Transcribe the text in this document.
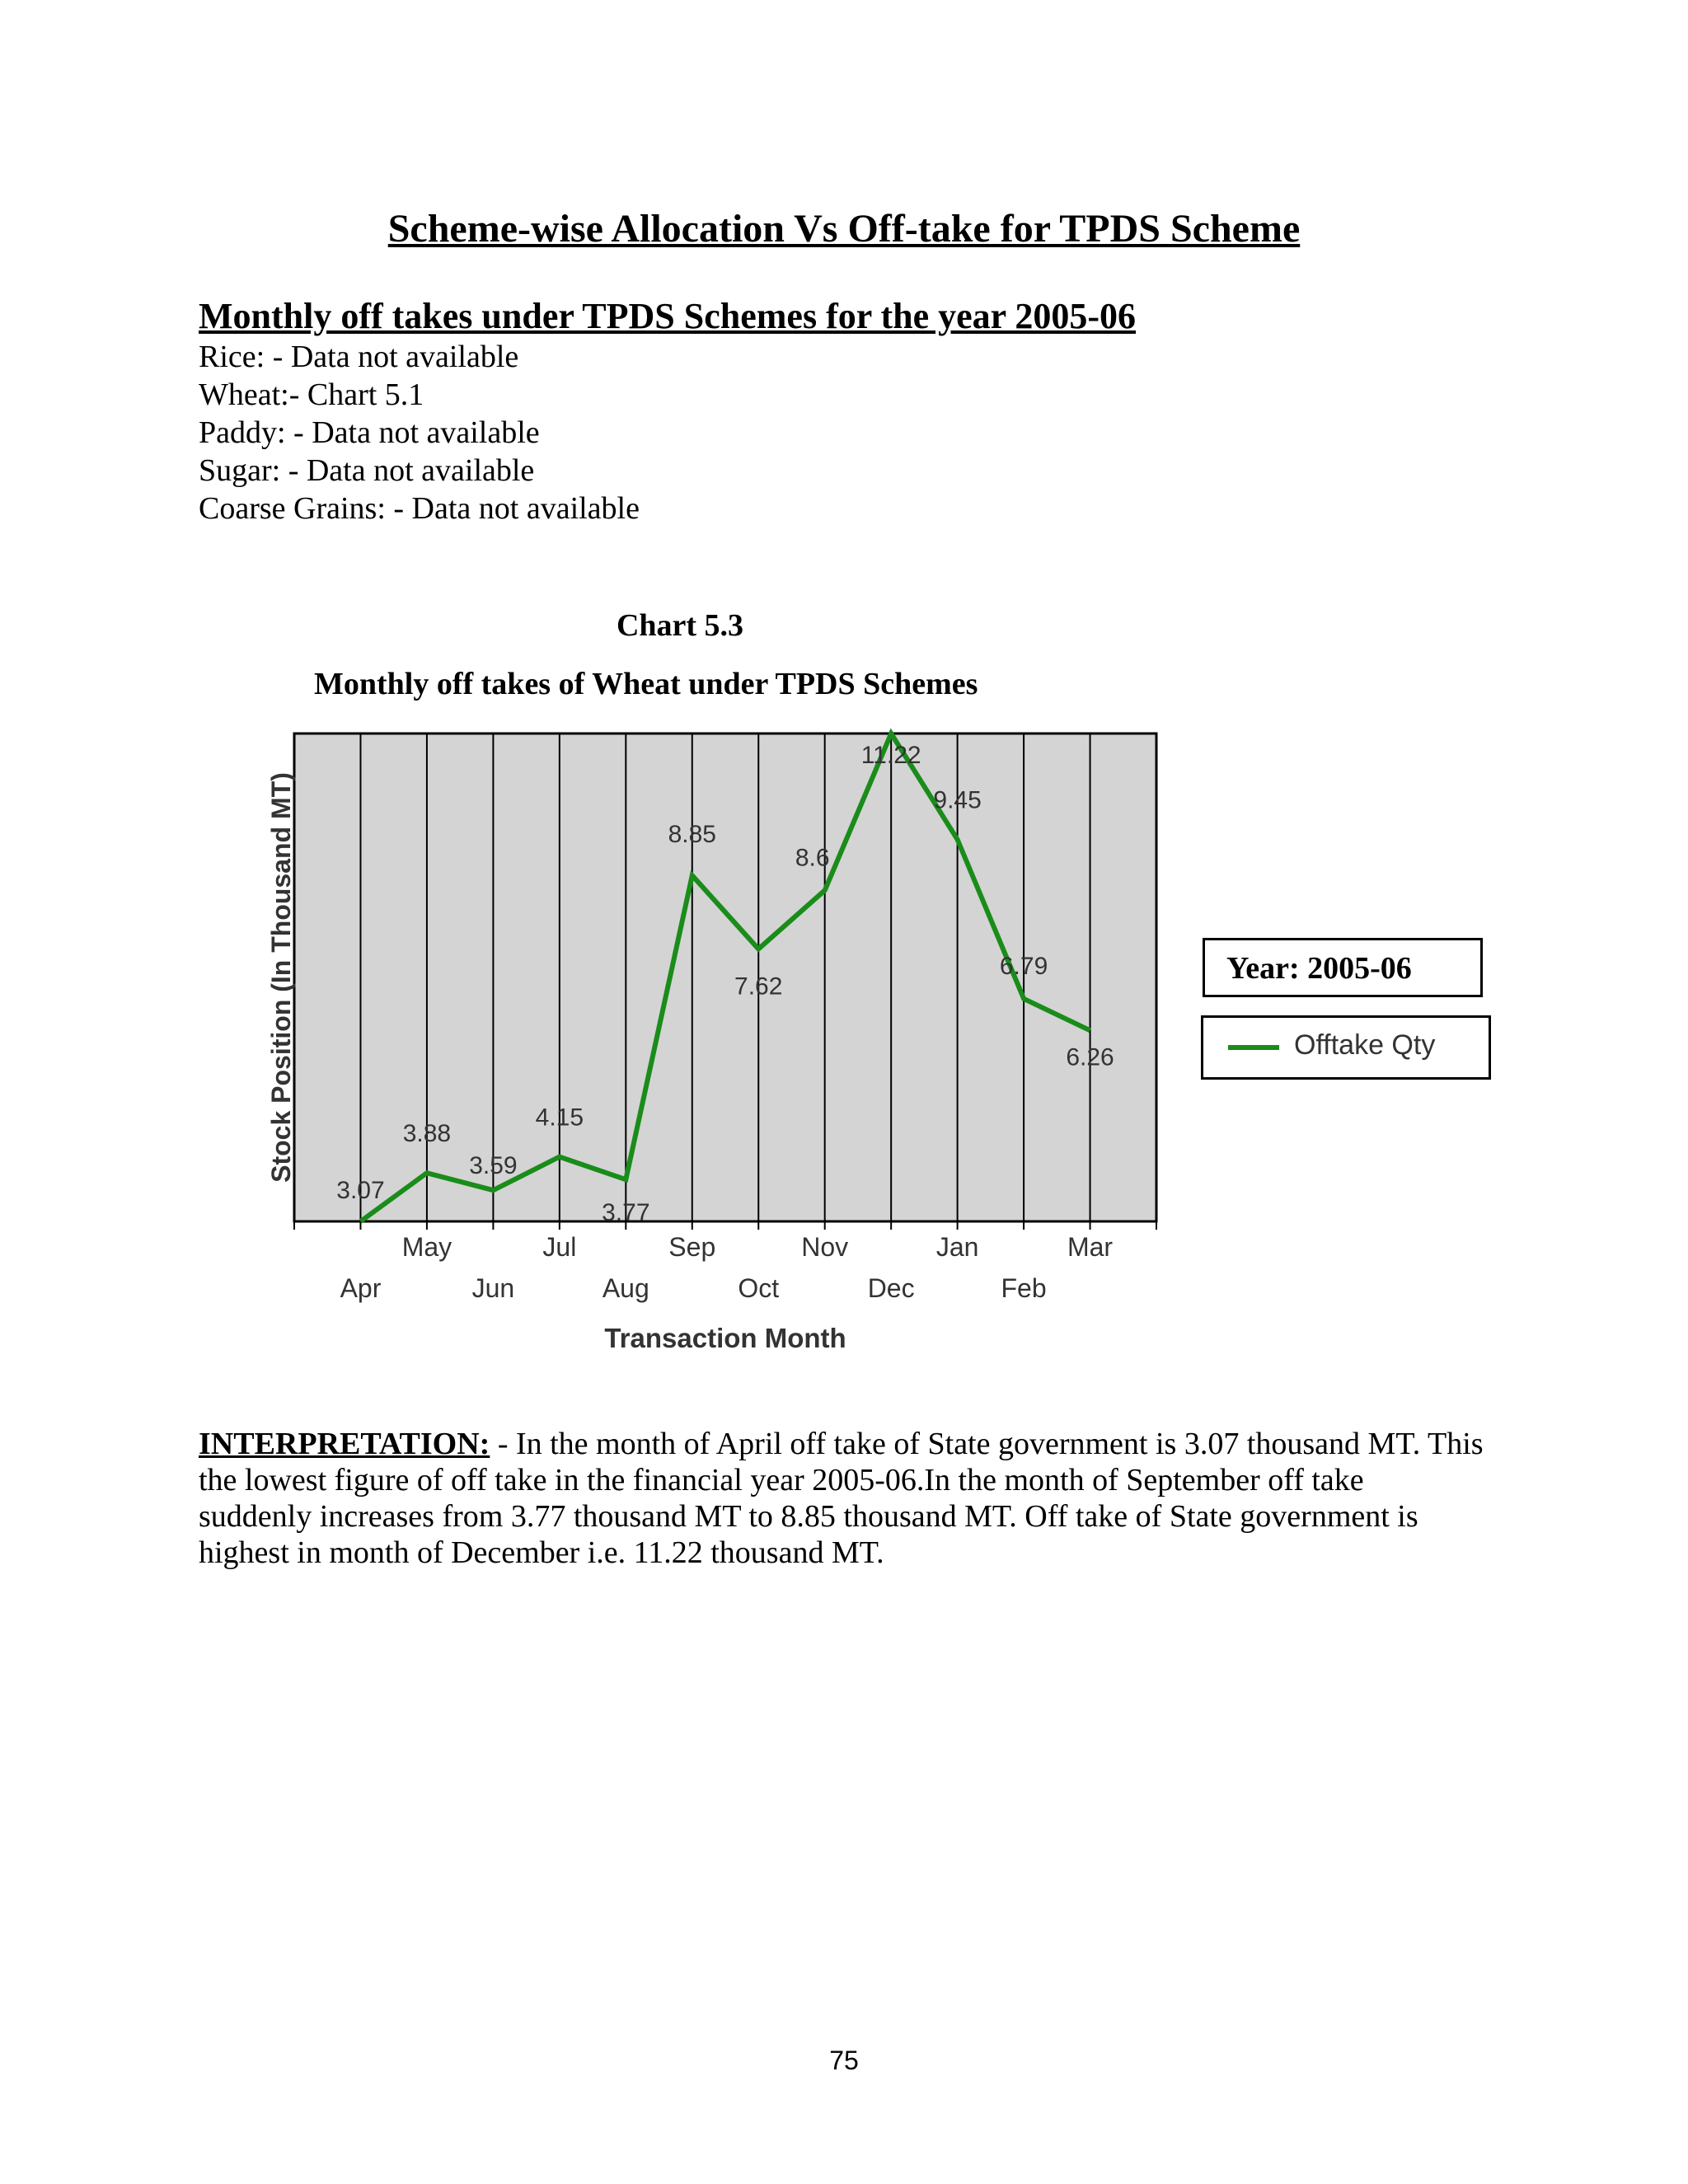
Scheme-wise Allocation Vs Off-take for TPDS Scheme
Monthly off takes under TPDS Schemes for the year 2005-06
Rice: - Data not available
Wheat:- Chart 5.1
Paddy: - Data not available
Sugar: - Data not available
Coarse Grains: - Data not available
Chart 5.3
Monthly off takes of Wheat under TPDS Schemes
3.07
3.88
3.59
4.15
3.77
8.85
7.62
8.6
11.22
9.45
6.79
6.26
Apr
May
Jun
Jul
Aug
Sep
Oct
Nov
Dec
Jan
Feb
Mar
Transaction Month
Stock Position (In Thousand MT)	Year: 2005-06
Offtake Qty

INTERPRETATION: - In the month of April off take of State government is 3.07 thousand MT. This the lowest figure of off take in the financial year 2005-06.In the month of September off take suddenly increases from 3.77 thousand MT to 8.85 thousand MT. Off take of State government is highest in month of December i.e. 11.22 thousand MT.

75
